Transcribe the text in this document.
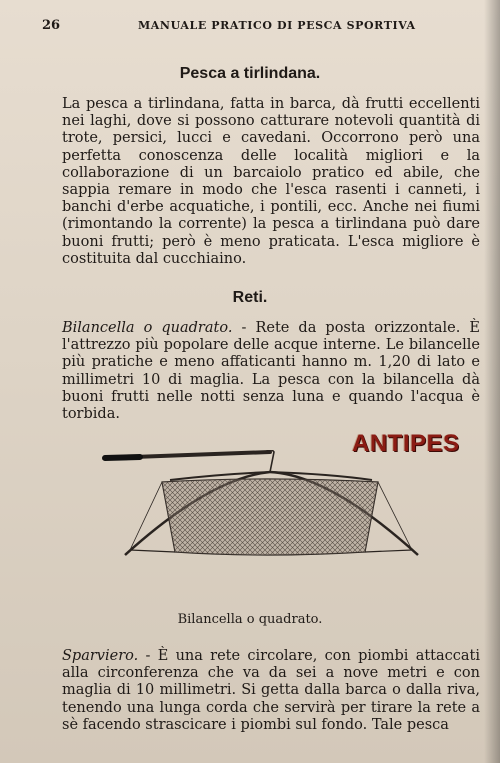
26	MANUALE PRATICO DI PESCA SPORTIVA
Pesca a tirlindana.
La pesca a tirlindana, fatta in barca, dà frutti eccellenti nei laghi, dove si possono catturare notevoli quantità di trote, persici, lucci e cavedani. Occorrono però una perfetta conoscenza delle località migliori e la collaborazione di un barcaiolo pratico ed abile, che sappia remare in modo che l'esca rasenti i canneti, i banchi d'erbe acquatiche, i pontili, ecc. Anche nei fiumi (rimontando la corrente) la pesca a tirlindana può dare buoni frutti; però è meno praticata. L'esca migliore è costituita dal cucchiaino.
Reti.
Bilancella o quadrato. - Rete da posta orizzontale. È l'attrezzo più popolare delle acque interne. Le bilancelle più pratiche e meno affaticanti hanno m. 1,20 di lato e millimetri 10 di maglia. La pesca con la bilancella dà buoni frutti nelle notti senza luna e quando l'acqua è torbida.
ANTIPES
Bilancella o quadrato.
Sparviero. - È una rete circolare, con piombi attaccati alla circonferenza che va da sei a nove metri e con maglia di 10 millimetri. Si getta dalla barca o dalla riva, tenendo una lunga corda che servirà per tirare la rete a sè facendo strascicare i piombi sul fondo. Tale pesca
